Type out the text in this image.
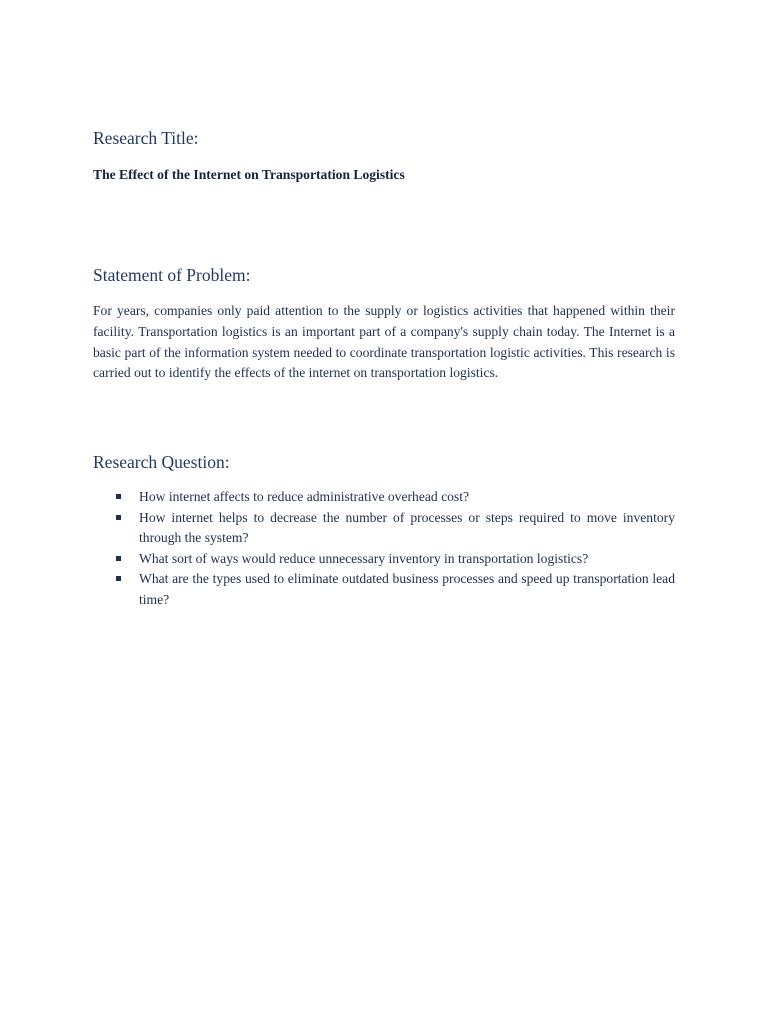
Research Title:

The Effect of the Internet on Transportation Logistics

Statement of Problem:

For years, companies only paid attention to the supply or logistics activities that happened within their facility. Transportation logistics is an important part of a company's supply chain today. The Internet is a basic part of the information system needed to coordinate transportation logistic activities. This research is carried out to identify the effects of the internet on transportation logistics.

Research Question:
How internet affects to reduce administrative overhead cost?
How internet helps to decrease the number of processes or steps required to move inventory through the system?
What sort of ways would reduce unnecessary inventory in transportation logistics?
What are the types used to eliminate outdated business processes and speed up transportation lead time?
